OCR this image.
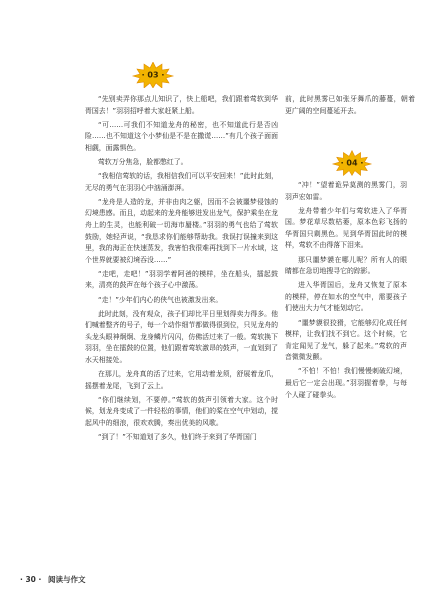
· 03 ·

“先别卖弄你那点儿知识了，快上船吧，我们跟着莺软到华胥国去！”羽羽招呼着大家赶紧上船。

“可……可我们不知道龙舟的秘密，也不知道此行是否凶险……也不知道这个小梦仙是不是在撒谎……”有几个孩子面面相觑，面露惧色。

莺软万分焦急，脸都憋红了。

“我相信莺软的话，我相信我们可以平安回来！”此时此刻，无尽的勇气在羽羽心中汹涌澎湃。

“龙舟是人造的龙，并非由肉之躯，因而不会被噩梦侵蚀的幻境患感。而且，动起来的龙舟能够迸发出龙气，保护乘坐在龙舟上的生灵，也能利破一切海市蜃楼。”羽羽的勇气也给了莺软鼓励，她轻声说，“我恳求你们能够帮助我。我误打误撞来到这里，我的海正在快速蒸发，我害怕我很难再找到下一片水域，这个世界就要被幻境吞没……”

“走吧，走吧！”羽羽学着阿爸的模样，坐在船头，擂起鼓来，清亮的鼓声在每个孩子心中激荡。

“走！”少年们内心的侠气也被激发出来。

此时此刻，没有观众，孩子们却比平日里划得卖力得多。他们喊着整齐的号子，每一个动作细节都做得很到位，只见龙舟的头龙头眼神炯炯、龙身鳞片闪闪，仿佛活过来了一般。莺软换下羽羽，坐在擂鼓的位置，他们跟着莺软激昂的鼓声，一直划到了水天相接处。

在那儿，龙舟真的活了过来，它用动着龙须，舒展着龙爪，摇摆着龙尾，飞到了云上。

“你们继续划，不要停。”莺软的鼓声引领着大家。这个时候，划龙舟变成了一件轻松的事情，他们的桨在空气中划动，搅起风中的细浪，很欢欢腾，奏出优美的风歌。

“到了！”不知道划了多久，他们终于来到了华胥国门

前，此时黑雾已如张牙舞爪的藤蔓，朝着更广阔的空间蔓延开去。

· 04 ·

“冲！”望着诡异莫测的黑雾门，羽羽声宏如雷。

龙舟带着少年们与莺软进入了华胥国。梦花草尽数枯萎，原本色彩飞扬的华胥国只剩黑色。见到华胥国此时的模样，莺软不由得落下泪来。

那只噩梦貘在哪儿呢？所有人的眼睛都在急切地搜寻它的踪影。

进入华胥国后，龙舟又恢复了原本的模样，停在如水的空气中，需要孩子们使出大力气才能划动它。

“噩梦貘很狡猾，它能够幻化成任何模样，让我们找不到它。这个时候，它肯定闻见了龙气，躲了起来。”莺软的声音微微发颤。

“不怕！不怕！我们慢慢刺破幻境，最后它一定会出现。”羽羽握着拳，与每个人碰了碰拳头。

· 30 · 阅读与作文
